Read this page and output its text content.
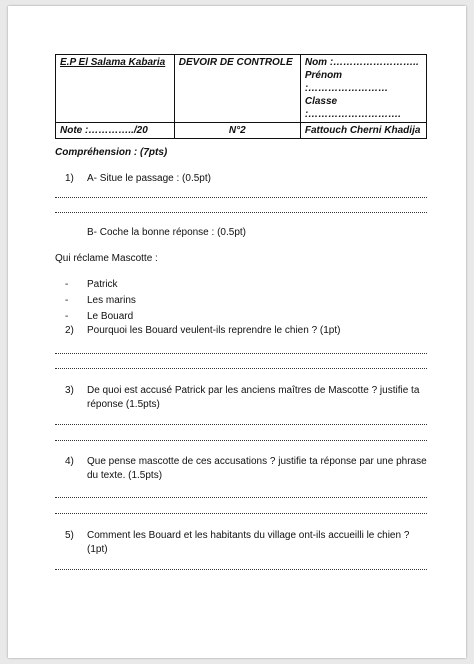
E.P El Salama Kabaria	DEVOIR DE CONTROLE	Nom :……………………..
Prénom :……………………
Classe :……………………….

Note :…………../20	N°2	Fattouch Cherni Khadija

Compréhension : (7pts)

1)	A- Situe le passage : (0.5pt)
B- Coche la bonne réponse : (0.5pt)

Qui réclame Mascotte :

-	Patrick
-	Les marins
-	Le Bouard
2)	Pourquoi les Bouard veulent-ils reprendre le chien ? (1pt)
3)	De quoi est accusé Patrick par les anciens maîtres de Mascotte ? justifie ta réponse (1.5pts)
4)	Que pense mascotte de ces accusations ? justifie ta réponse par une phrase du texte. (1.5pts)
5)	Comment les Bouard et les habitants du village ont-ils accueilli le chien ? (1pt)
